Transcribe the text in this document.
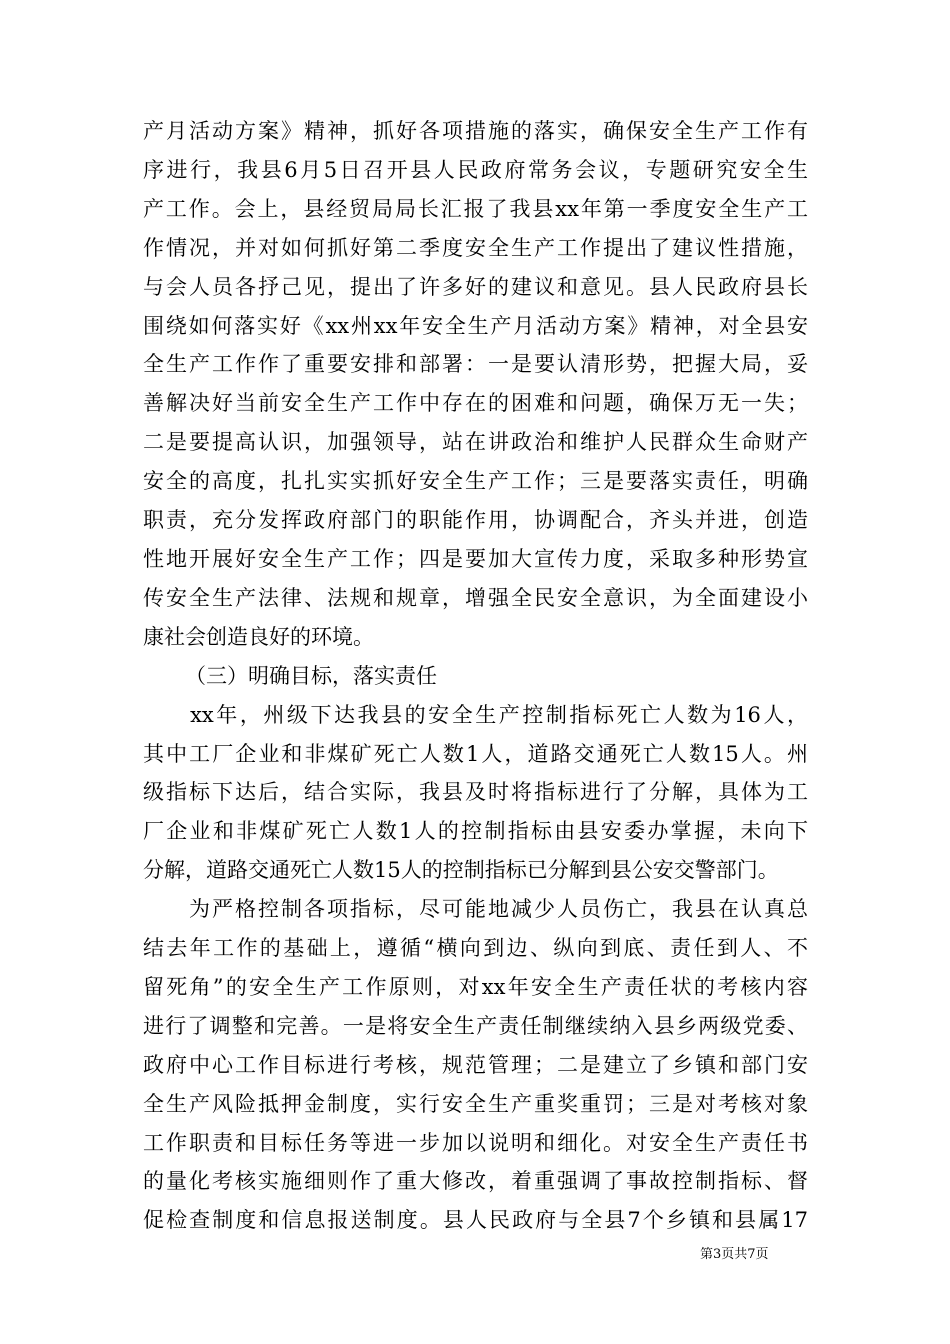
产月活动方案》精神，抓好各项措施的落实，确保安全生产工作有
序进行，我县6月5日召开县人民政府常务会议，专题研究安全生
产工作。会上，县经贸局局长汇报了我县xx年第一季度安全生产工
作情况，并对如何抓好第二季度安全生产工作提出了建议性措施，
与会人员各抒己见，提出了许多好的建议和意见。县人民政府县长
围绕如何落实好《xx州xx年安全生产月活动方案》精神，对全县安
全生产工作作了重要安排和部署：一是要认清形势，把握大局，妥
善解决好当前安全生产工作中存在的困难和问题，确保万无一失；
二是要提高认识，加强领导，站在讲政治和维护人民群众生命财产
安全的高度，扎扎实实抓好安全生产工作；三是要落实责任，明确
职责，充分发挥政府部门的职能作用，协调配合，齐头并进，创造
性地开展好安全生产工作；四是要加大宣传力度，采取多种形势宣
传安全生产法律、法规和规章，增强全民安全意识，为全面建设小
康社会创造良好的环境。
（三）明确目标，落实责任
　　xx年，州级下达我县的安全生产控制指标死亡人数为16人，
其中工厂企业和非煤矿死亡人数1人，道路交通死亡人数15人。州
级指标下达后，结合实际，我县及时将指标进行了分解，具体为工
厂企业和非煤矿死亡人数1人的控制指标由县安委办掌握，未向下
分解，道路交通死亡人数15人的控制指标已分解到县公安交警部门。
　　为严格控制各项指标，尽可能地减少人员伤亡，我县在认真总
结去年工作的基础上，遵循“横向到边、纵向到底、责任到人、不
留死角”的安全生产工作原则，对xx年安全生产责任状的考核内容
进行了调整和完善。一是将安全生产责任制继续纳入县乡两级党委、
政府中心工作目标进行考核，规范管理；二是建立了乡镇和部门安
全生产风险抵押金制度，实行安全生产重奖重罚；三是对考核对象
工作职责和目标任务等进一步加以说明和细化。对安全生产责任书
的量化考核实施细则作了重大修改，着重强调了事故控制指标、督
促检查制度和信息报送制度。县人民政府与全县7个乡镇和县属17
第3页共7页
